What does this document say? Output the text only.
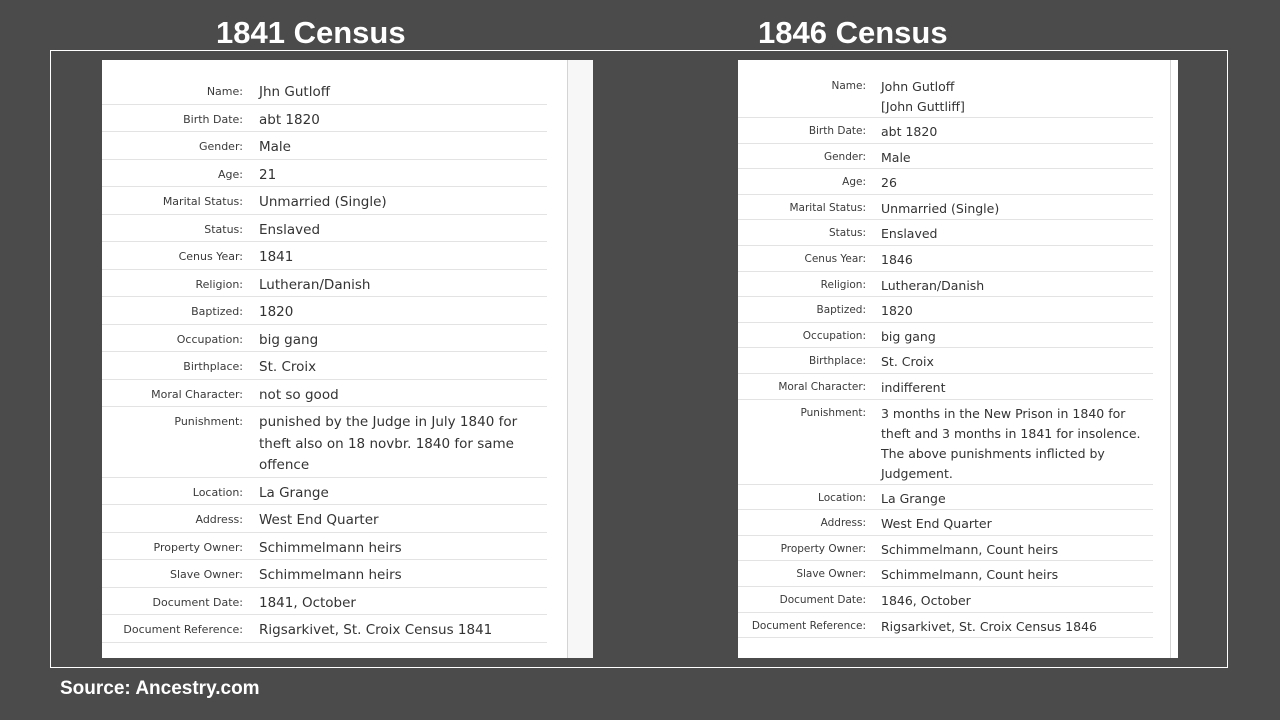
1841 Census	1846 Census
Name:	Jhn Gutloff
Birth Date:	abt 1820
Gender:	Male
Age:	21
Marital Status:	Unmarried (Single)
Status:	Enslaved
Cenus Year:	1841
Religion:	Lutheran/Danish
Baptized:	1820
Occupation:	big gang
Birthplace:	St. Croix
Moral Character:	not so good
Punishment: punished by the Judge in July 1840 for
theft also on 18 novbr. 1840 for same
offence
Location:	La Grange
Address:	West End Quarter
Property Owner:	Schimmelmann heirs
Slave Owner:	Schimmelmann heirs
Document Date:	1841, October
Document Reference:	Rigsarkivet, St. Croix Census 1841
Name: John Gutloff
[John Guttliff]
Birth Date:	abt 1820
Gender:	Male
Age:	26
Marital Status:	Unmarried (Single)
Status:	Enslaved
Cenus Year:	1846
Religion:	Lutheran/Danish
Baptized:	1820
Occupation:	big gang
Birthplace:	St. Croix
Moral Character:	indifferent
Punishment: 3 months in the New Prison in 1840 for
theft and 3 months in 1841 for insolence.
The above punishments inflicted by
Judgement.
Location:	La Grange
Address:	West End Quarter
Property Owner:	Schimmelmann, Count heirs
Slave Owner:	Schimmelmann, Count heirs
Document Date:	1846, October
Document Reference:	Rigsarkivet, St. Croix Census 1846
Source: Ancestry.com
